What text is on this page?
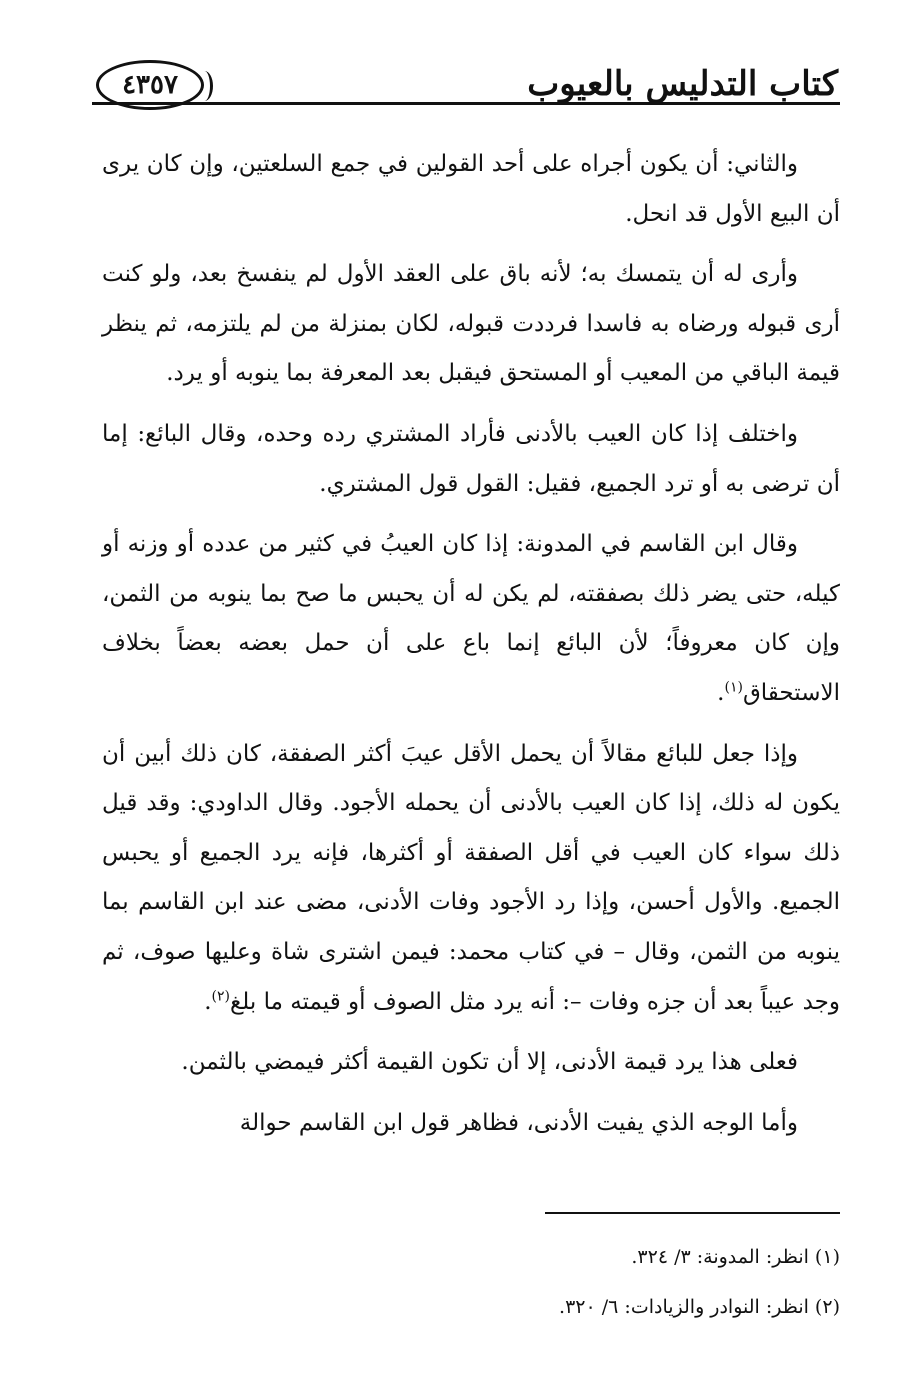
٤٣٥٧	كتاب التدليس بالعيوب

والثاني: أن يكون أجراه على أحد القولين في جمع السلعتين، وإن كان يرى أن البيع الأول قد انحل.

وأرى له أن يتمسك به؛ لأنه باق على العقد الأول لم ينفسخ بعد، ولو كنت أرى قبوله ورضاه به فاسدا فرددت قبوله، لكان بمنزلة من لم يلتزمه، ثم ينظر قيمة الباقي من المعيب أو المستحق فيقبل بعد المعرفة بما ينوبه أو يرد.

واختلف إذا كان العيب بالأدنى فأراد المشتري رده وحده، وقال البائع: إما أن ترضى به أو ترد الجميع، فقيل: القول قول المشتري.

وقال ابن القاسم في المدونة: إذا كان العيبُ في كثير من عدده أو وزنه أو كيله، حتى يضر ذلك بصفقته، لم يكن له أن يحبس ما صح بما ينوبه من الثمن، وإن كان معروفاً؛ لأن البائع إنما باع على أن حمل بعضه بعضاً بخلاف الاستحقاق$^{(١)}$.

وإذا جعل للبائع مقالاً أن يحمل الأقل عيبَ أكثر الصفقة، كان ذلك أبين أن يكون له ذلك، إذا كان العيب بالأدنى أن يحمله الأجود. وقال الداودي: وقد قيل ذلك سواء كان العيب في أقل الصفقة أو أكثرها، فإنه يرد الجميع أو يحبس الجميع. والأول أحسن، وإذا رد الأجود وفات الأدنى، مضى عند ابن القاسم بما ينوبه من الثمن، وقال – في كتاب محمد: فيمن اشترى شاة وعليها صوف، ثم وجد عيباً بعد أن جزه وفات –: أنه يرد مثل الصوف أو قيمته ما بلغ$^{(٢)}$.

فعلى هذا يرد قيمة الأدنى، إلا أن تكون القيمة أكثر فيمضي بالثمن.

وأما الوجه الذي يفيت الأدنى، فظاهر قول ابن القاسم حوالة

(١) انظر: المدونة: ٣/ ٣٢٤.

(٢) انظر: النوادر والزيادات: ٦/ ٣٢٠.
